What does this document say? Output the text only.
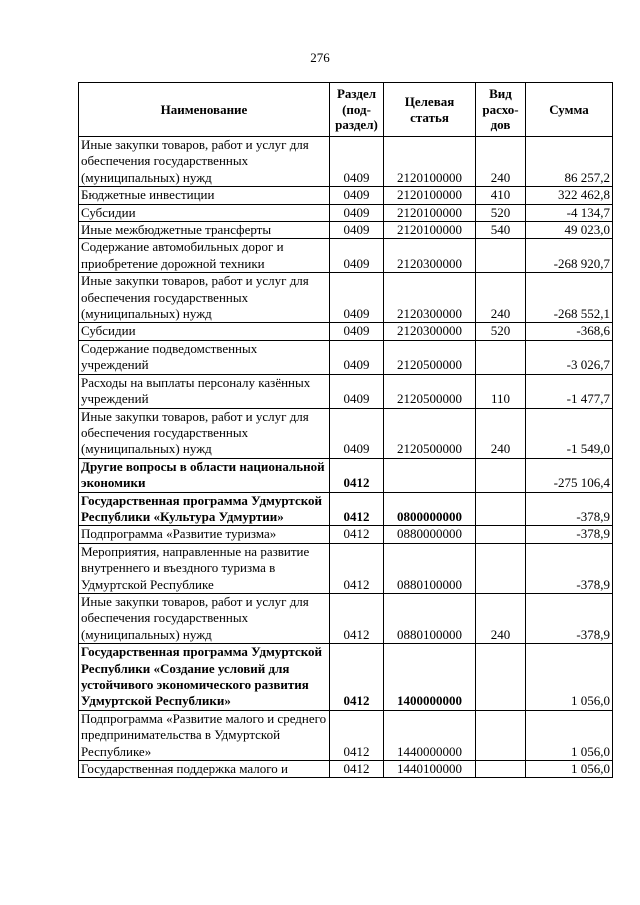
276
Наименование	Раздел (под-раздел)	Целевая статья	Вид расхо-дов	Сумма
Иные закупки товаров, работ и услуг для обеспечения государственных (муниципальных) нужд	0409	2120100000	240	86 257,2
Бюджетные инвестиции	0409	2120100000	410	322 462,8
Субсидии	0409	2120100000	520	-4 134,7
Иные межбюджетные трансферты	0409	2120100000	540	49 023,0
Содержание автомобильных дорог и приобретение дорожной техники	0409	2120300000		-268 920,7
Иные закупки товаров, работ и услуг для обеспечения государственных (муниципальных) нужд	0409	2120300000	240	-268 552,1
Субсидии	0409	2120300000	520	-368,6
Содержание подведомственных учреждений	0409	2120500000		-3 026,7
Расходы на выплаты персоналу казённых учреждений	0409	2120500000	110	-1 477,7
Иные закупки товаров, работ и услуг для обеспечения государственных (муниципальных) нужд	0409	2120500000	240	-1 549,0
Другие вопросы в области национальной экономики	0412			-275 106,4
Государственная программа Удмуртской Республики «Культура Удмуртии»	0412	0800000000		-378,9
Подпрограмма «Развитие туризма»	0412	0880000000		-378,9
Мероприятия, направленные на развитие внутреннего и въездного туризма в Удмуртской Республике	0412	0880100000		-378,9
Иные закупки товаров, работ и услуг для обеспечения государственных (муниципальных) нужд	0412	0880100000	240	-378,9
Государственная программа Удмуртской Республики «Создание условий для устойчивого экономического развития Удмуртской Республики»	0412	1400000000		1 056,0
Подпрограмма «Развитие малого и среднего предпринимательства в Удмуртской Республике»	0412	1440000000		1 056,0
Государственная поддержка малого и	0412	1440100000		1 056,0
